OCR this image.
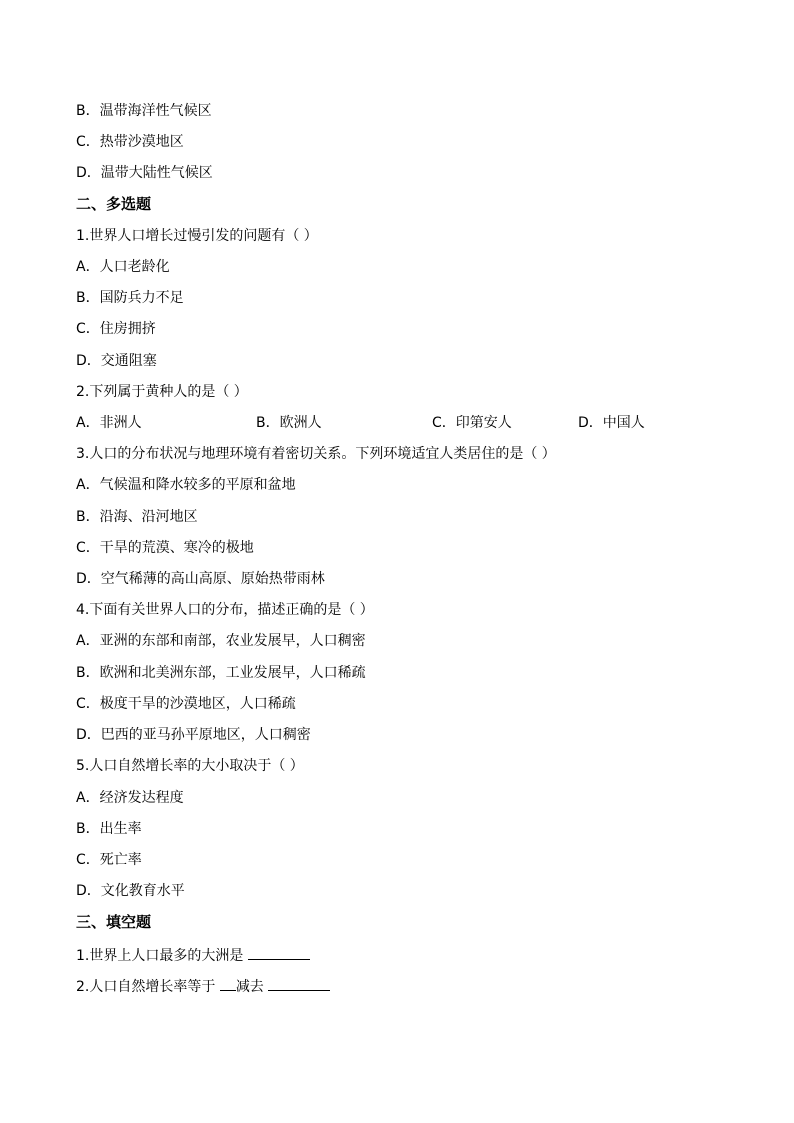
B．温带海洋性气候区
C．热带沙漠地区
D．温带大陆性气候区
二、多选题
1.世界人口增长过慢引发的问题有（ ）
A．人口老龄化
B．国防兵力不足
C．住房拥挤
D．交通阻塞
2.下列属于黄种人的是（ ）
A．非洲人	B．欧洲人	C．印第安人	D．中国人
3.人口的分布状况与地理环境有着密切关系。下列环境适宜人类居住的是（ ）
A．气候温和降水较多的平原和盆地
B．沿海、沿河地区
C．干旱的荒漠、寒冷的极地
D．空气稀薄的高山高原、原始热带雨林
4.下面有关世界人口的分布，描述正确的是（ ）
A．亚洲的东部和南部，农业发展早，人口稠密
B．欧洲和北美洲东部，工业发展早，人口稀疏
C．极度干旱的沙漠地区，人口稀疏
D．巴西的亚马孙平原地区，人口稠密
5.人口自然增长率的大小取决于（ ）
A．经济发达程度
B．出生率
C．死亡率
D．文化教育水平
三、填空题
1.世界上人口最多的大洲是
2.人口自然增长率等于 减去
